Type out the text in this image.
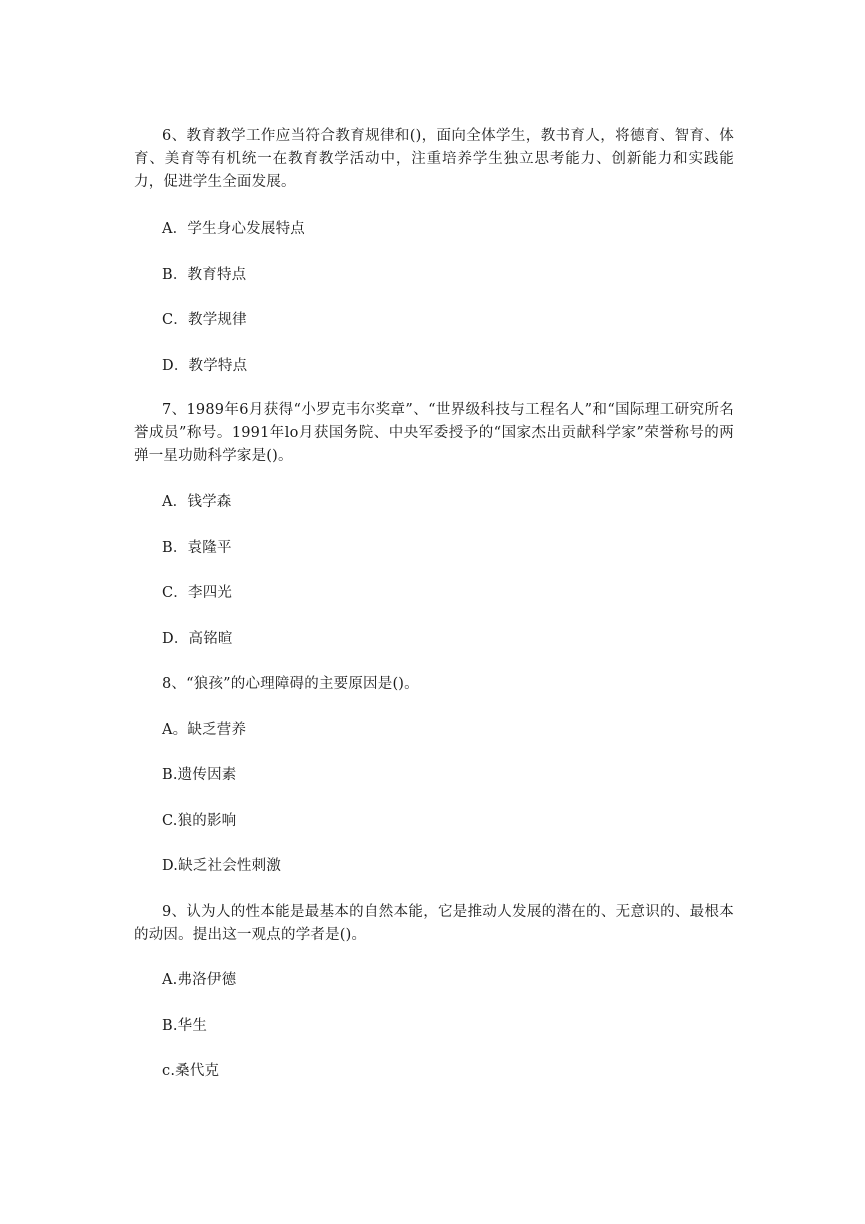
6、教育教学工作应当符合教育规律和()，面向全体学生，教书育人，将德育、智育、体育、美育等有机统一在教育教学活动中，注重培养学生独立思考能力、创新能力和实践能力，促进学生全面发展。
A．学生身心发展特点
B．教育特点
C．教学规律
D．教学特点
7、1989年6月获得“小罗克韦尔奖章”、“世界级科技与工程名人”和“国际理工研究所名誉成员”称号。1991年lo月获国务院、中央军委授予的“国家杰出贡献科学家”荣誉称号的两弹一星功勋科学家是()。
A．钱学森
B．袁隆平
C．李四光
D．高铭暄
8、“狼孩”的心理障碍的主要原因是()。
A。缺乏营养
B.遗传因素
C.狼的影响
D.缺乏社会性刺激
9、认为人的性本能是最基本的自然本能，它是推动人发展的潜在的、无意识的、最根本的动因。提出这一观点的学者是()。
A.弗洛伊德
B.华生
c.桑代克
